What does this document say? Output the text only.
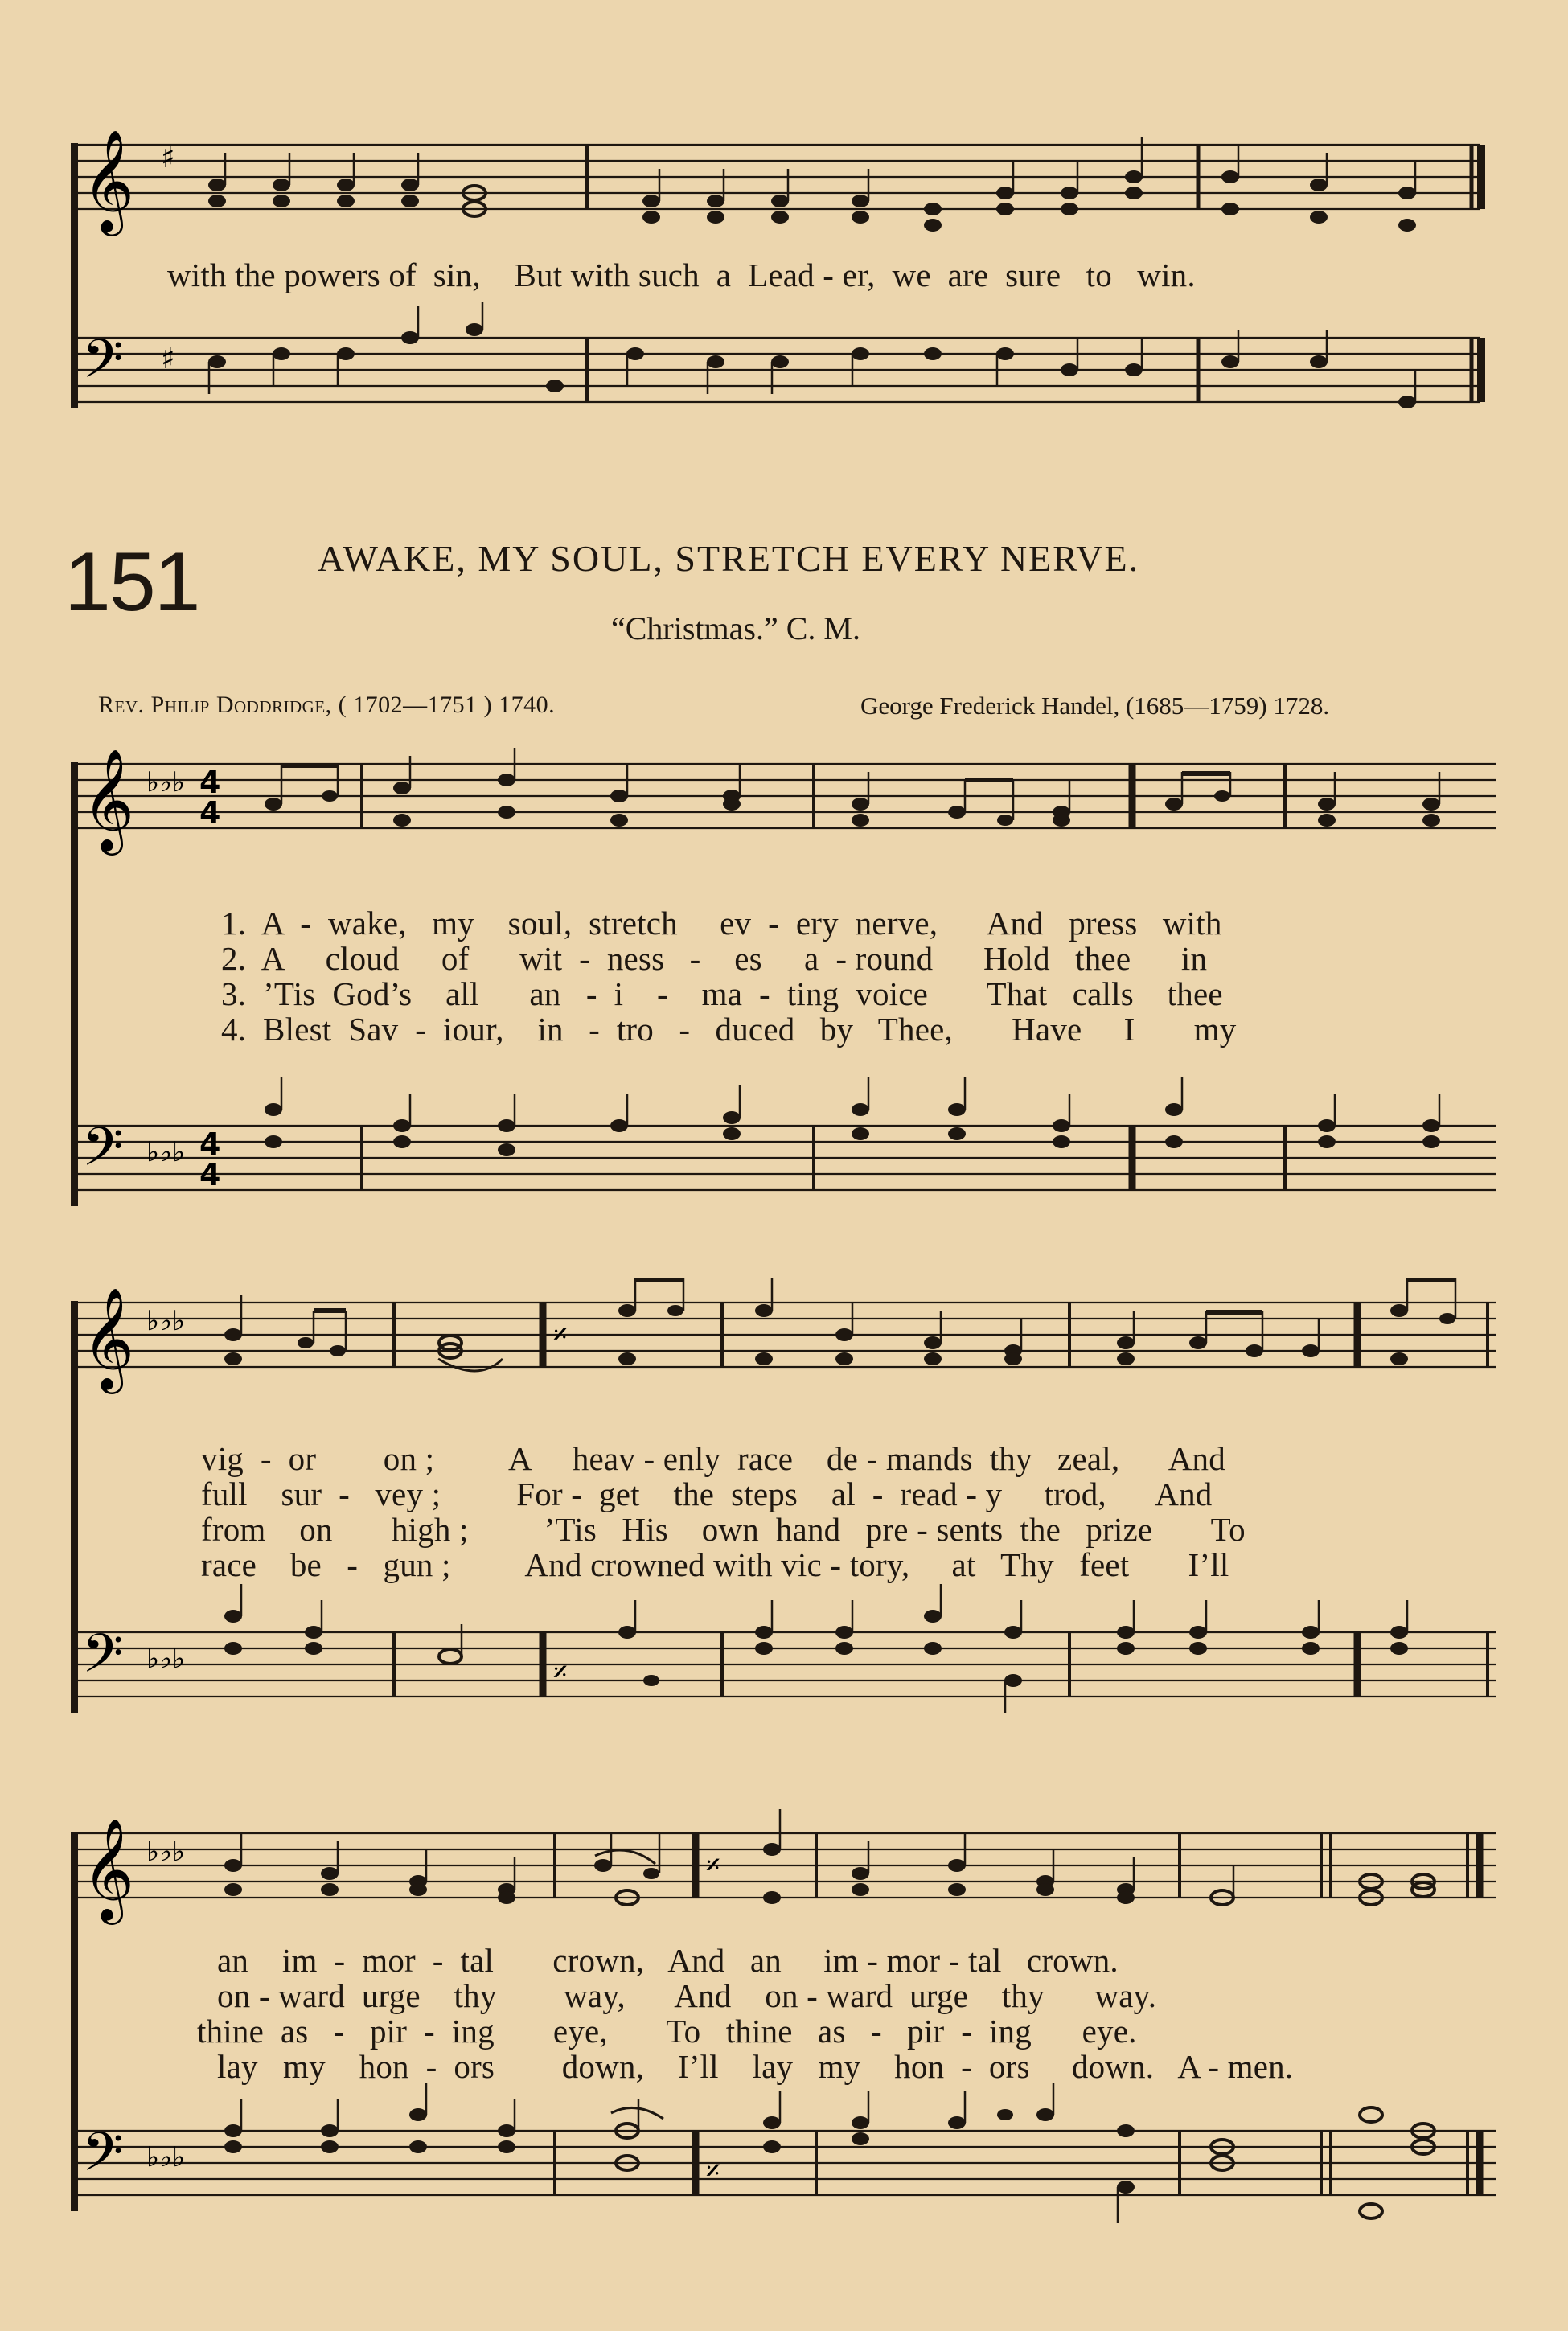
𝄞 ♯
with the powers of  sin,    But with such  a  Lead - er,  we  are  sure   to   win.
𝄢 ♯
151	AWAKE, MY SOUL, STRETCH EVERY NERVE.
“Christmas.” C. M.
Rev. Philip Doddridge, ( 1702—1751 ) 1740.	George Frederick Handel, (1685—1759) 1728.
𝄞 ♭♭♭ 4
4
1.  A  -  wake,   my    soul,  stretch     ev  -  ery  nerve,      And   press   with
2.  A     cloud     of      wit  -  ness   -    es     a  - round      Hold   thee      in
3.  ’Tis  God’s    all      an   -  i    -    ma  -  ting  voice       That   calls    thee
4.  Blest  Sav  -  iour,    in   -  tro   -   duced   by   Thee,       Have     I       my
𝄢 ♭♭♭ 4
4
𝄞 ♭♭♭	𝄎
vig  -  or        on ;         A     heav - enly  race    de - mands  thy   zeal,      And
full    sur  -   vey ;         For -  get    the  steps    al  -  read - y     trod,      And
from    on       high ;         ’Tis   His    own  hand   pre - sents  the   prize       To
race    be   -   gun ;         And crowned with vic - tory,     at   Thy   feet       I’ll
𝄢 ♭♭♭	𝄎
𝄞 ♭♭♭	𝄎
an    im  -  mor  -  tal       crown,   And   an     im - mor - tal   crown.
on - ward  urge    thy        way,      And    on - ward  urge    thy      way.
thine  as   -   pir  -  ing       eye,       To   thine   as   -   pir  -  ing      eye.
lay   my    hon  -  ors        down,    I’ll    lay   my    hon  -  ors     down.   A - men.
𝄢 ♭♭♭	𝄎
